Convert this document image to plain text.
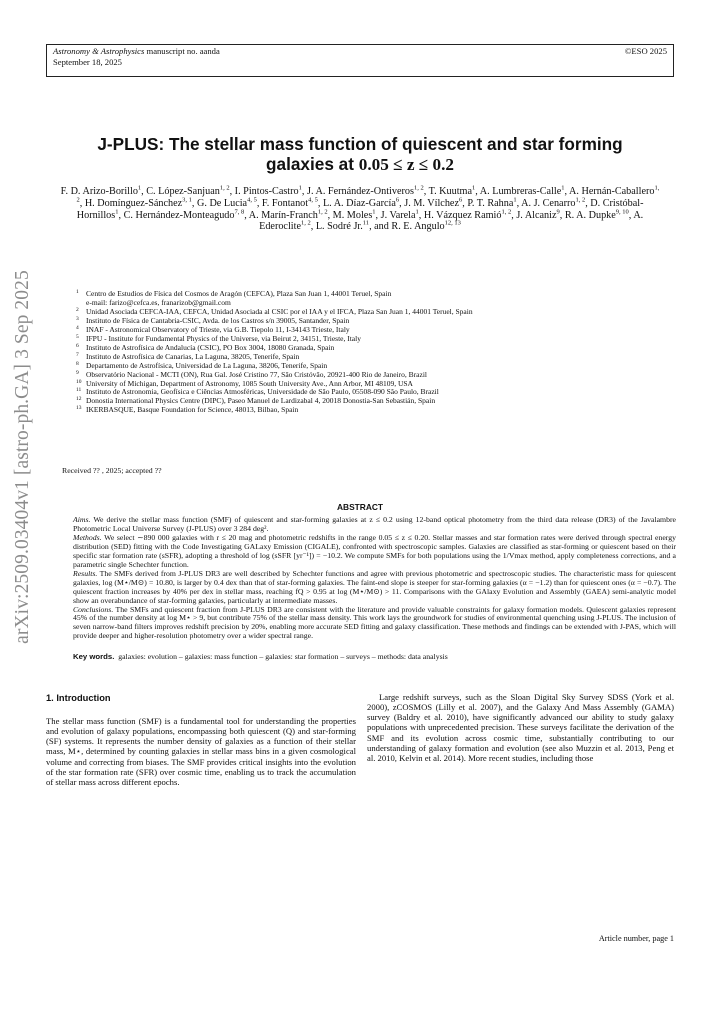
Astronomy & Astrophysics manuscript no. aanda
September 18, 2025
©ESO 2025
arXiv:2509.03404v1 [astro-ph.GA] 3 Sep 2025
J-PLUS: The stellar mass function of quiescent and star forming
galaxies at 0.05 ≤ z ≤ 0.2
F. D. Arizo-Borillo$^1$, C. López-Sanjuan$^{1, 2}$, I. Pintos-Castro$^1$, J. A. Fernández-Ontiveros$^{1, 2}$, T. Kuutma$^1$, A. Lumbreras-Calle$^1$, A. Hernán-Caballero$^{1, 2}$, H. Domínguez-Sánchez$^{3, 1}$, G. De Lucia$^{4, 5}$, F. Fontanot$^{4, 5}$, L. A. Díaz-García$^6$, J. M. Vílchez$^6$, P. T. Rahna$^1$, A. J. Cenarro$^{1, 2}$, D. Cristóbal-Hornillos$^1$, C. Hernández-Monteagudo$^{7, 8}$, A. Marín-Franch$^{1, 2}$, M. Moles$^1$, J. Varela$^1$, H. Vázquez Ramió$^{1, 2}$, J. Alcaniz$^9$, R. A. Dupke$^{9, 10}$, A. Ederoclite$^{1, 2}$, L. Sodré Jr.$^{11}$, and R. E. Angulo$^{12, 13}$
1 Centro de Estudios de Física del Cosmos de Aragón (CEFCA), Plaza San Juan 1, 44001 Teruel, Spain
e-mail: farizo@cefca.es, franarizob@gmail.com
2 Unidad Asociada CEFCA-IAA, CEFCA, Unidad Asociada al CSIC por el IAA y el IFCA, Plaza San Juan 1, 44001 Teruel, Spain
3 Instituto de Física de Cantabria-CSIC, Avda. de los Castros s/n 39005, Santander, Spain
4 INAF - Astronomical Observatory of Trieste, via G.B. Tiepolo 11, I-34143 Trieste, Italy
5 IFPU - Institute for Fundamental Physics of the Universe, via Beirut 2, 34151, Trieste, Italy
6 Instituto de Astrofísica de Andalucía (CSIC), PO Box 3004, 18080 Granada, Spain
7 Instituto de Astrofísica de Canarias, La Laguna, 38205, Tenerife, Spain
8 Departamento de Astrofísica, Universidad de La Laguna, 38206, Tenerife, Spain
9 Observatório Nacional - MCTI (ON), Rua Gal. José Cristino 77, São Cristóvão, 20921-400 Rio de Janeiro, Brazil
10 University of Michigan, Department of Astronomy, 1085 South University Ave., Ann Arbor, MI 48109, USA
11 Instituto de Astronomia, Geofísica e Ciências Atmosféricas, Universidade de São Paulo, 05508-090 São Paulo, Brazil
12 Donostia International Physics Centre (DIPC), Paseo Manuel de Lardizabal 4, 20018 Donostia-San Sebastián, Spain
13 IKERBASQUE, Basque Foundation for Science, 48013, Bilbao, Spain
Received ?? , 2025; accepted ??
ABSTRACT
Aims. We derive the stellar mass function (SMF) of quiescent and star-forming galaxies at z ≤ 0.2 using 12-band optical photometry from the third data release (DR3) of the Javalambre Photometric Local Universe Survey (J-PLUS) over 3 284 deg².
Methods. We select ∼890 000 galaxies with r ≤ 20 mag and photometric redshifts in the range 0.05 ≤ z ≤ 0.20. Stellar masses and star formation rates were derived through spectral energy distribution (SED) fitting with the Code Investigating GALaxy Emission (CIGALE), confronted with spectroscopic samples. Galaxies are classified as star-forming or quiescent based on their specific star formation rate (sSFR), adopting a threshold of log (sSFR [yr⁻¹]) = −10.2. We compute SMFs for both populations using the 1/Vmax method, apply completeness corrections, and a parametric single Schechter function.
Results. The SMFs derived from J-PLUS DR3 are well described by Schechter functions and agree with previous photometric and spectroscopic studies. The characteristic mass for quiescent galaxies, log (M⋆/M⊙) = 10.80, is larger by 0.4 dex than that of star-forming galaxies. The faint-end slope is steeper for star-forming galaxies (α = −1.2) than for quiescent ones (α = −0.7). The quiescent fraction increases by 40% per dex in stellar mass, reaching fQ > 0.95 at log (M⋆/M⊙) > 11. Comparisons with the GAlaxy Evolution and Assembly (GAEA) semi-analytic model show an overabundance of star-forming galaxies, particularly at intermediate masses.
Conclusions. The SMFs and quiescent fraction from J-PLUS DR3 are consistent with the literature and provide valuable constraints for galaxy formation models. Quiescent galaxies represent 45% of the number density at log M⋆ > 9, but contribute 75% of the stellar mass density. This work lays the groundwork for studies of environmental quenching using J-PLUS. The inclusion of seven narrow-band filters improves redshift precision by 20%, enabling more accurate SED fitting and galaxy classification. These methods and findings can be extended with J-PAS, which will provide deeper and higher-resolution photometry over a wider spectral range.
Key words. galaxies: evolution – galaxies: mass function – galaxies: star formation – surveys – methods: data analysis
1. Introduction
The stellar mass function (SMF) is a fundamental tool for understanding the properties and evolution of galaxy populations, encompassing both quiescent (Q) and star-forming (SF) systems. It represents the number density of galaxies as a function of their stellar mass, M⋆, determined by counting galaxies in stellar mass bins in a given cosmological volume and correcting from biases. The SMF provides critical insights into the evolution of the star formation rate (SFR) over cosmic time, enabling us to track the accumulation of stellar mass across different epochs.
Large redshift surveys, such as the Sloan Digital Sky Survey SDSS (York et al. 2000), zCOSMOS (Lilly et al. 2007), and the Galaxy And Mass Assembly (GAMA) survey (Baldry et al. 2010), have significantly advanced our ability to study galaxy populations with unprecedented precision. These surveys facilitate the derivation of the SMF and its evolution across cosmic time, substantially contributing to our understanding of galaxy formation and evolution (see also Muzzin et al. 2013, Peng et al. 2010, Kelvin et al. 2014). More recent studies, including those
Article number, page 1
